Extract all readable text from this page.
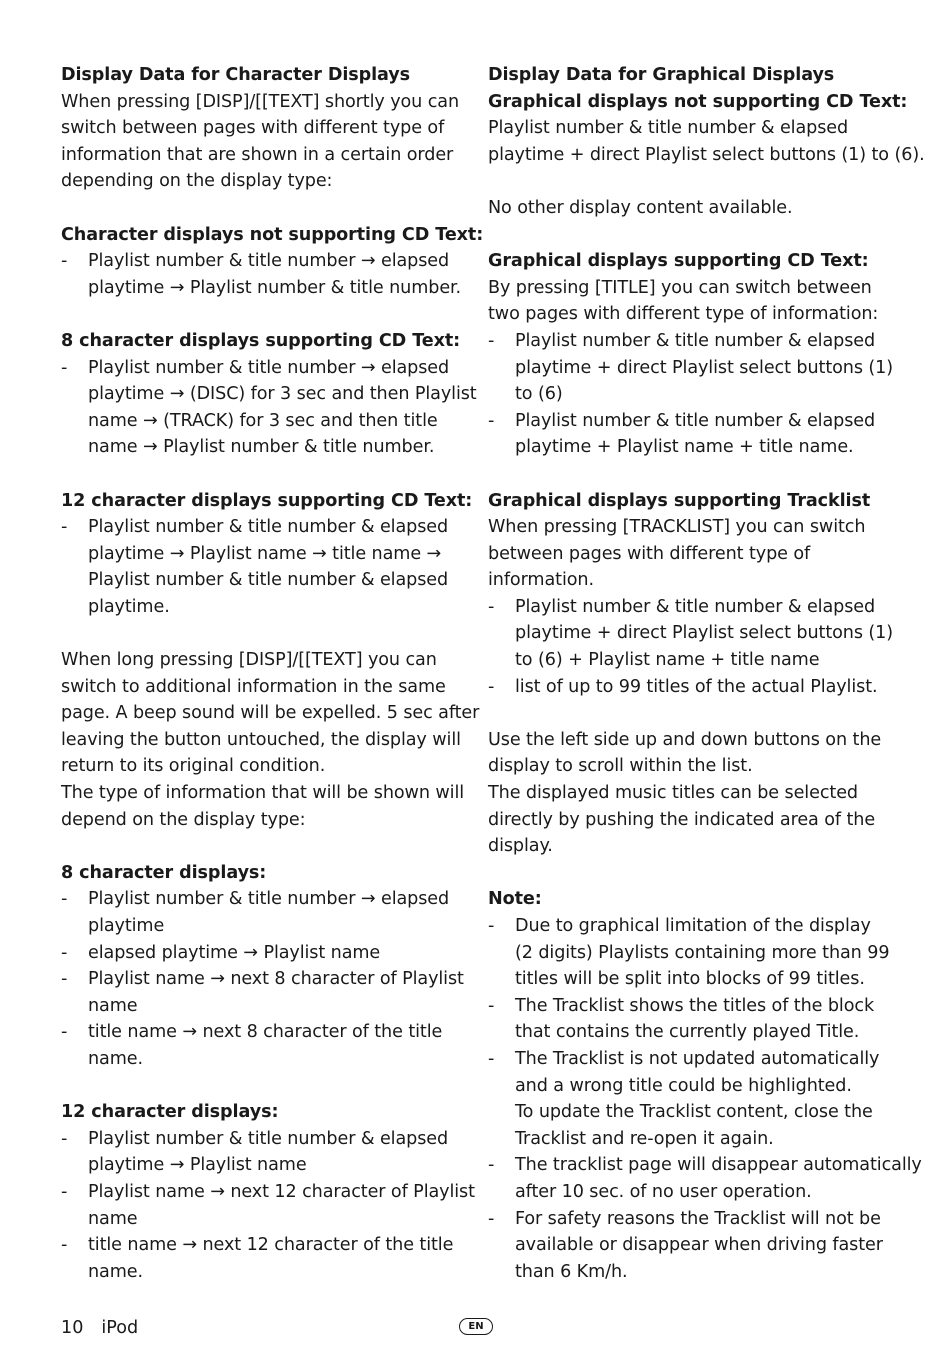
Display Data for Character Displays
When pressing [DISP]/[[TEXT] shortly you can
switch between pages with different type of
information that are shown in a certain order
depending on the display type:
Character displays not supporting CD Text:
- Playlist number & title number → elapsed
playtime → Playlist number & title number.
8 character displays supporting CD Text:
- Playlist number & title number → elapsed
playtime → (DISC) for 3 sec and then Playlist
name → (TRACK) for 3 sec and then title
name → Playlist number & title number.
12 character displays supporting CD Text:
- Playlist number & title number & elapsed
playtime → Playlist name → title name →
Playlist number & title number & elapsed
playtime.
When long pressing [DISP]/[[TEXT] you can
switch to additional information in the same
page. A beep sound will be expelled. 5 sec after
leaving the button untouched, the display will
return to its original condition.
The type of information that will be shown will
depend on the display type:
8 character displays:
- Playlist number & title number → elapsed
playtime
- elapsed playtime → Playlist name
- Playlist name → next 8 character of Playlist
name
- title name → next 8 character of the title
name.
12 character displays:
- Playlist number & title number & elapsed
playtime → Playlist name
- Playlist name → next 12 character of Playlist
name
- title name → next 12 character of the title
name.
Display Data for Graphical Displays
Graphical displays not supporting CD Text:
Playlist number & title number & elapsed
playtime + direct Playlist select buttons (1) to (6).
No other display content available.
Graphical displays supporting CD Text:
By pressing [TITLE] you can switch between
two pages with different type of information:
- Playlist number & title number & elapsed
playtime + direct Playlist select buttons (1)
to (6)
- Playlist number & title number & elapsed
playtime + Playlist name + title name.
Graphical displays supporting Tracklist
When pressing [TRACKLIST] you can switch
between pages with different type of
information.
- Playlist number & title number & elapsed
playtime + direct Playlist select buttons (1)
to (6) + Playlist name + title name
- list of up to 99 titles of the actual Playlist.
Use the left side up and down buttons on the
display to scroll within the list.
The displayed music titles can be selected
directly by pushing the indicated area of the
display.
Note:
- Due to graphical limitation of the display
(2 digits) Playlists containing more than 99
titles will be split into blocks of 99 titles.
- The Tracklist shows the titles of the block
that contains the currently played Title.
- The Tracklist is not updated automatically
and a wrong title could be highlighted.
To update the Tracklist content, close the
Tracklist and re-open it again.
- The tracklist page will disappear automatically
after 10 sec. of no user operation.
- For safety reasons the Tracklist will not be
available or disappear when driving faster
than 6 Km/h.
10 iPod	EN
